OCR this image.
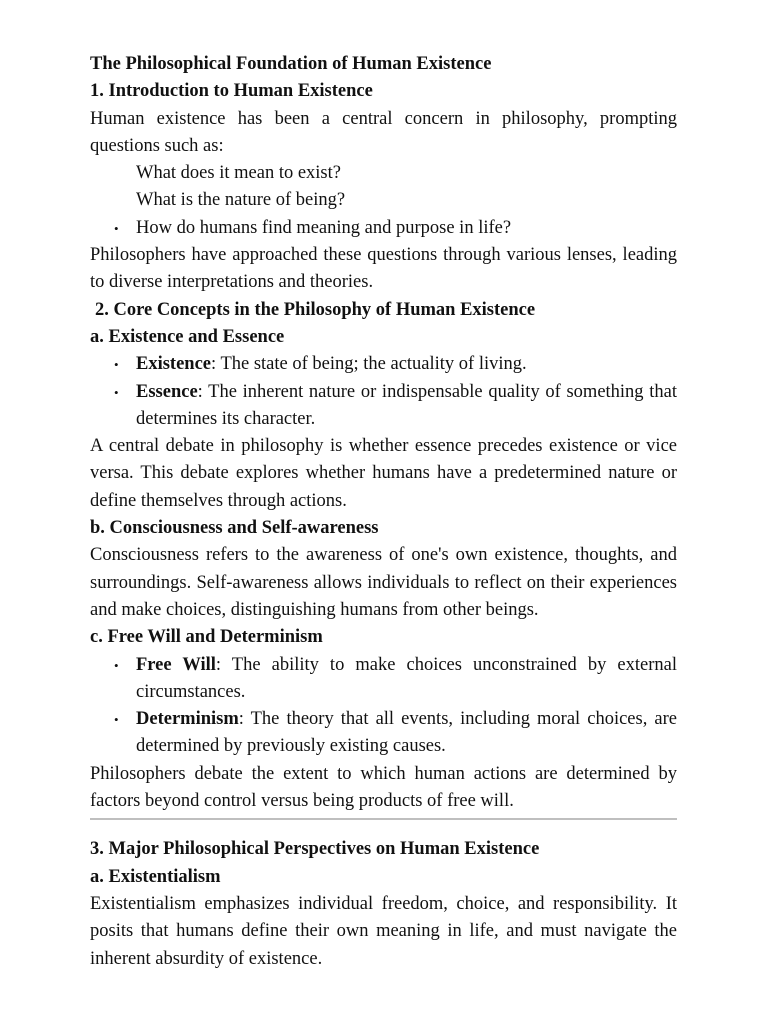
The Philosophical Foundation of Human Existence

1. Introduction to Human Existence

Human existence has been a central concern in philosophy, prompting questions such as:

What does it mean to exist?

What is the nature of being?

• How do humans find meaning and purpose in life?

Philosophers have approached these questions through various lenses, leading to diverse interpretations and theories.

2. Core Concepts in the Philosophy of Human Existence

a. Existence and Essence

• Existence: The state of being; the actuality of living.
• Essence: The inherent nature or indispensable quality of something that determines its character.

A central debate in philosophy is whether essence precedes existence or vice versa. This debate explores whether humans have a predetermined nature or define themselves through actions.

b. Consciousness and Self-awareness

Consciousness refers to the awareness of one's own existence, thoughts, and surroundings. Self-awareness allows individuals to reflect on their experiences and make choices, distinguishing humans from other beings.

c. Free Will and Determinism

• Free Will: The ability to make choices unconstrained by external circumstances.
• Determinism: The theory that all events, including moral choices, are determined by previously existing causes.

Philosophers debate the extent to which human actions are determined by factors beyond control versus being products of free will.

3. Major Philosophical Perspectives on Human Existence

a. Existentialism

Existentialism emphasizes individual freedom, choice, and responsibility. It posits that humans define their own meaning in life, and must navigate the inherent absurdity of existence.
